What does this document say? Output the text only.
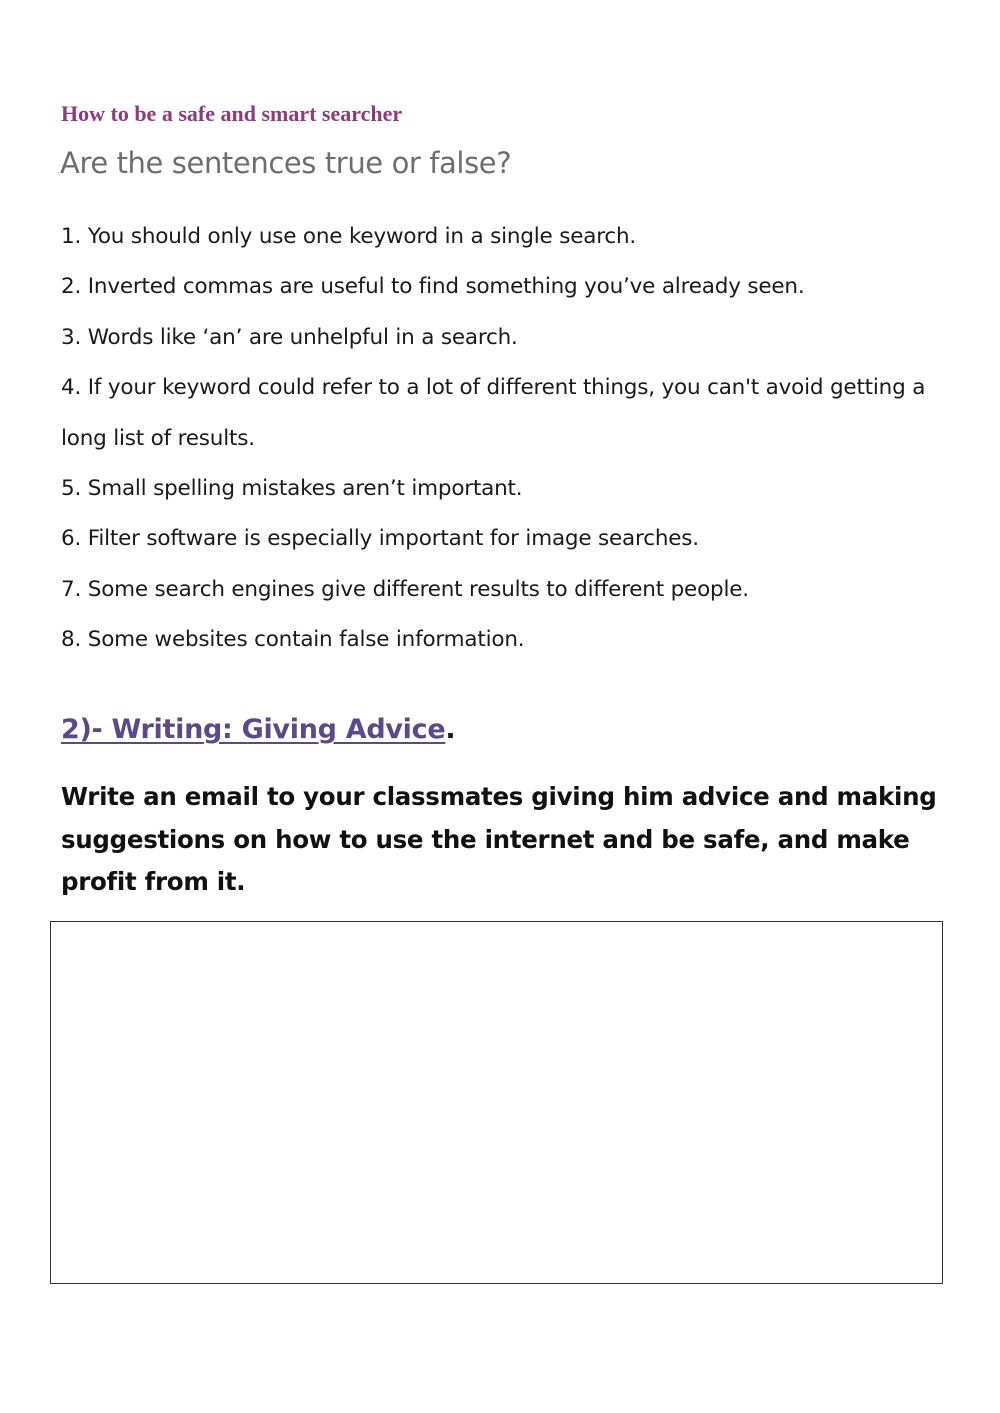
How to be a safe and smart searcher
Are the sentences true or false?
1. You should only use one keyword in a single search.
2. Inverted commas are useful to find something you’ve already seen.
3. Words like ‘an’ are unhelpful in a search.
4. If your keyword could refer to a lot of different things, you can't avoid getting a long list of results.
5. Small spelling mistakes aren’t important.
6. Filter software is especially important for image searches.
7. Some search engines give different results to different people.
8. Some websites contain false information.
2)- Writing: Giving Advice.

Write an email to your classmates giving him advice and making suggestions on how to use the internet and be safe, and make profit from it.
